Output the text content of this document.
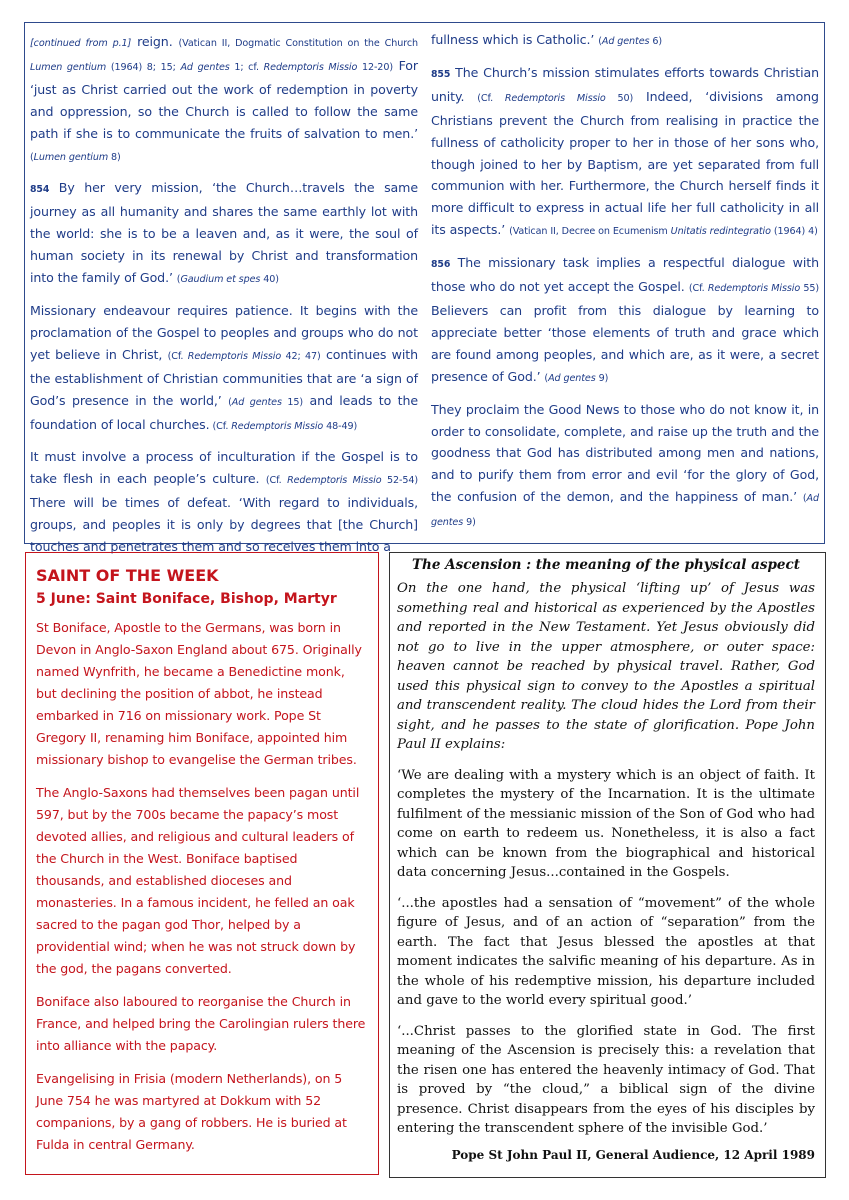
[continued from p.1] reign. (Vatican II, Dogmatic Constitution on the Church Lumen gentium (1964) 8; 15; Ad gentes 1; cf. Redemptoris Missio 12-20) For ‘just as Christ carried out the work of redemption in poverty and oppression, so the Church is called to follow the same path if she is to communicate the fruits of salvation to men.’ (Lumen gentium 8)

854 By her very mission, ‘the Church…travels the same journey as all humanity and shares the same earthly lot with the world: she is to be a leaven and, as it were, the soul of human society in its renewal by Christ and transformation into the family of God.’ (Gaudium et spes 40)

Missionary endeavour requires patience. It begins with the proclamation of the Gospel to peoples and groups who do not yet believe in Christ, (Cf. Redemptoris Missio 42; 47) continues with the establishment of Christian communities that are ‘a sign of God’s presence in the world,’ (Ad gentes 15) and leads to the foundation of local churches. (Cf. Redemptoris Missio 48-49)

It must involve a process of inculturation if the Gospel is to take flesh in each people’s culture. (Cf. Redemptoris Missio 52-54) There will be times of defeat. ‘With regard to individuals, groups, and peoples it is only by degrees that [the Church] touches and penetrates them and so receives them into a

fullness which is Catholic.’ (Ad gentes 6)

855 The Church’s mission stimulates efforts towards Christian unity. (Cf. Redemptoris Missio 50) Indeed, ‘divisions among Christians prevent the Church from realising in practice the fullness of catholicity proper to her in those of her sons who, though joined to her by Baptism, are yet separated from full communion with her. Furthermore, the Church herself finds it more difficult to express in actual life her full catholicity in all its aspects.’ (Vatican II, Decree on Ecumenism Unitatis redintegratio (1964) 4)

856 The missionary task implies a respectful dialogue with those who do not yet accept the Gospel. (Cf. Redemptoris Missio 55) Believers can profit from this dialogue by learning to appreciate better ‘those elements of truth and grace which are found among peoples, and which are, as it were, a secret presence of God.’ (Ad gentes 9)

They proclaim the Good News to those who do not know it, in order to consolidate, complete, and raise up the truth and the goodness that God has distributed among men and nations, and to purify them from error and evil ‘for the glory of God, the confusion of the demon, and the happiness of man.’ (Ad gentes 9)

SAINT OF THE WEEK
5 June: Saint Boniface, Bishop, Martyr

St Boniface, Apostle to the Germans, was born in Devon in Anglo-Saxon England about 675. Originally named Wynfrith, he became a Benedictine monk, but declining the position of abbot, he instead embarked in 716 on missionary work. Pope St Gregory II, renaming him Boniface, appointed him missionary bishop to evangelise the German tribes.

The Anglo-Saxons had themselves been pagan until 597, but by the 700s became the papacy’s most devoted allies, and religious and cultural leaders of the Church in the West. Boniface baptised thousands, and established dioceses and monasteries. In a famous incident, he felled an oak sacred to the pagan god Thor, helped by a providential wind; when he was not struck down by the god, the pagans converted.

Boniface also laboured to reorganise the Church in France, and helped bring the Carolingian rulers there into alliance with the papacy.

Evangelising in Frisia (modern Netherlands), on 5 June 754 he was martyred at Dokkum with 52 companions, by a gang of robbers. He is buried at Fulda in central Germany.

The Ascension : the meaning of the physical aspect

On the one hand, the physical ‘lifting up’ of Jesus was something real and historical as experienced by the Apostles and reported in the New Testament. Yet Jesus obviously did not go to live in the upper atmosphere, or outer space: heaven cannot be reached by physical travel. Rather, God used this physical sign to convey to the Apostles a spiritual and transcendent reality. The cloud hides the Lord from their sight, and he passes to the state of glorification. Pope John Paul II explains:

‘We are dealing with a mystery which is an object of faith. It completes the mystery of the Incarnation. It is the ultimate fulfilment of the messianic mission of the Son of God who had come on earth to redeem us. Nonetheless, it is also a fact which can be known from the biographical and historical data concerning Jesus...contained in the Gospels.

‘...the apostles had a sensation of “movement” of the whole figure of Jesus, and of an action of “separation” from the earth. The fact that Jesus blessed the apostles at that moment indicates the salvific meaning of his departure. As in the whole of his redemptive mission, his departure included and gave to the world every spiritual good.’

‘...Christ passes to the glorified state in God. The first meaning of the Ascension is precisely this: a revelation that the risen one has entered the heavenly intimacy of God. That is proved by “the cloud,” a biblical sign of the divine presence. Christ disappears from the eyes of his disciples by entering the transcendent sphere of the invisible God.’

Pope St John Paul II, General Audience, 12 April 1989
